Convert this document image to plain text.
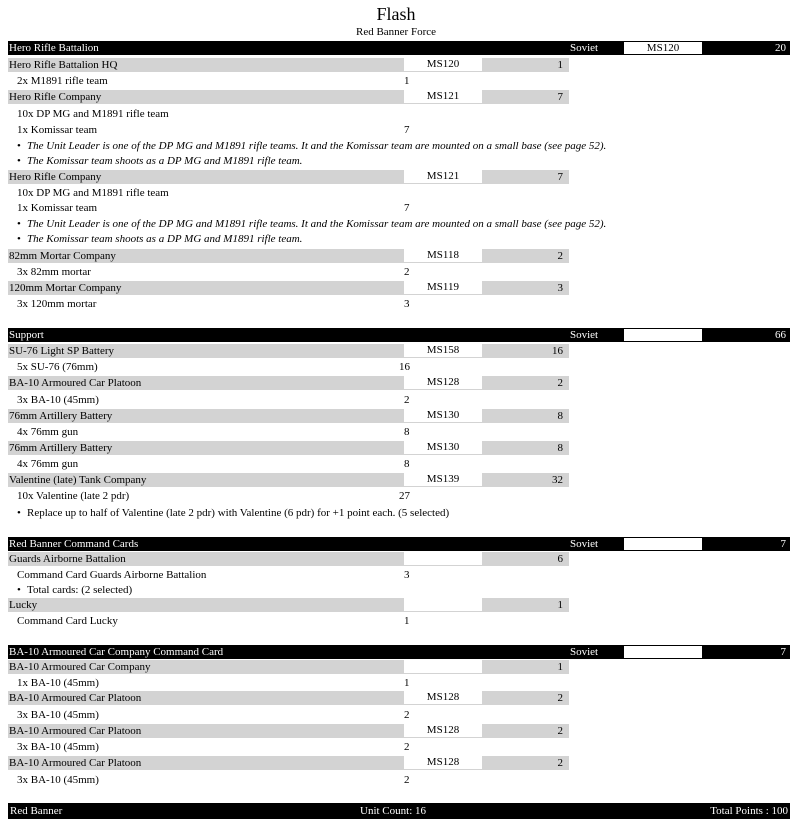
Flash
Red Banner Force
Hero Rifle Battalion	Soviet	MS120	20
Hero Rifle Battalion HQ	MS120	1
2x M1891 rifle team	1
Hero Rifle Company	MS121	7
10x DP MG and M1891 rifle team
1x Komissar team	7
• The Unit Leader is one of the DP MG and M1891 rifle teams. It and the Komissar team are mounted on a small base (see page 52).
• The Komissar team shoots as a DP MG and M1891 rifle team.
Hero Rifle Company	MS121	7
10x DP MG and M1891 rifle team
1x Komissar team	7
• The Unit Leader is one of the DP MG and M1891 rifle teams. It and the Komissar team are mounted on a small base (see page 52).
• The Komissar team shoots as a DP MG and M1891 rifle team.
82mm Mortar Company	MS118	2
3x 82mm mortar	2
120mm Mortar Company	MS119	3
3x 120mm mortar	3
Support	Soviet	66
SU-76 Light SP Battery	MS158	16
5x SU-76 (76mm)	16
BA-10 Armoured Car Platoon	MS128	2
3x BA-10 (45mm)	2
76mm Artillery Battery	MS130	8
4x 76mm gun	8
76mm Artillery Battery	MS130	8
4x 76mm gun	8
Valentine (late) Tank Company	MS139	32
10x Valentine (late 2 pdr)	27
• Replace up to half of Valentine (late 2 pdr) with Valentine (6 pdr) for +1 point each. (5 selected)
Red Banner Command Cards	Soviet	7
Guards Airborne Battalion	6
Command Card Guards Airborne Battalion	3
• Total cards: (2 selected)
Lucky	1
Command Card Lucky	1
BA-10 Armoured Car Company Command Card	Soviet	7
BA-10 Armoured Car Company	1
1x BA-10 (45mm)	1
BA-10 Armoured Car Platoon	MS128	2
3x BA-10 (45mm)	2
BA-10 Armoured Car Platoon	MS128	2
3x BA-10 (45mm)	2
BA-10 Armoured Car Platoon	MS128	2
3x BA-10 (45mm)	2
Red Banner	Unit Count: 16	Total Points : 100
